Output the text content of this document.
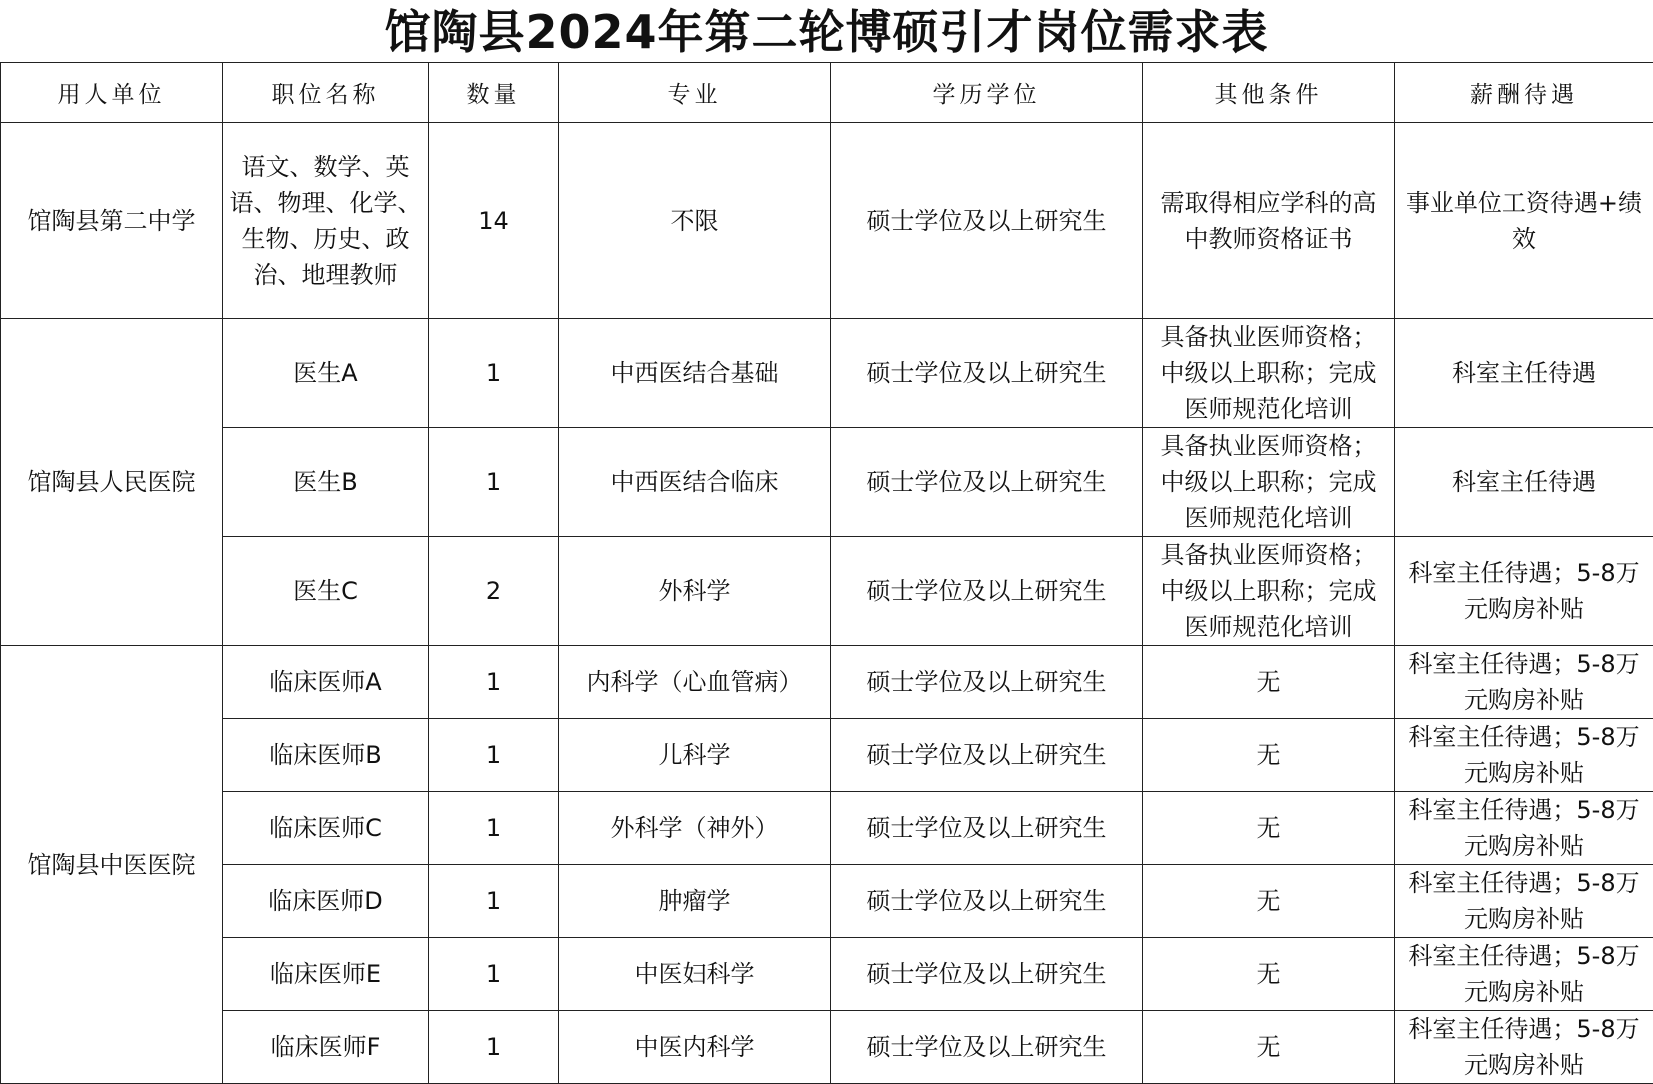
馆陶县2024年第二轮博硕引才岗位需求表
用人单位	职位名称	数量	专业	学历学位	其他条件	薪酬待遇
馆陶县第二中学	语文、数学、英语、物理、化学、生物、历史、政治、地理教师	14	不限	硕士学位及以上研究生	需取得相应学科的高中教师资格证书	事业单位工资待遇+绩效
馆陶县人民医院	医生A	1	中西医结合基础	硕士学位及以上研究生	具备执业医师资格；中级以上职称；完成医师规范化培训	科室主任待遇
	医生B	1	中西医结合临床	硕士学位及以上研究生	具备执业医师资格；中级以上职称；完成医师规范化培训	科室主任待遇
	医生C	2	外科学	硕士学位及以上研究生	具备执业医师资格；中级以上职称；完成医师规范化培训	科室主任待遇；5-8万元购房补贴
馆陶县中医医院	临床医师A	1	内科学（心血管病）	硕士学位及以上研究生	无	科室主任待遇；5-8万元购房补贴
	临床医师B	1	儿科学	硕士学位及以上研究生	无	科室主任待遇；5-8万元购房补贴
	临床医师C	1	外科学（神外）	硕士学位及以上研究生	无	科室主任待遇；5-8万元购房补贴
	临床医师D	1	肿瘤学	硕士学位及以上研究生	无	科室主任待遇；5-8万元购房补贴
	临床医师E	1	中医妇科学	硕士学位及以上研究生	无	科室主任待遇；5-8万元购房补贴
	临床医师F	1	中医内科学	硕士学位及以上研究生	无	科室主任待遇；5-8万元购房补贴
